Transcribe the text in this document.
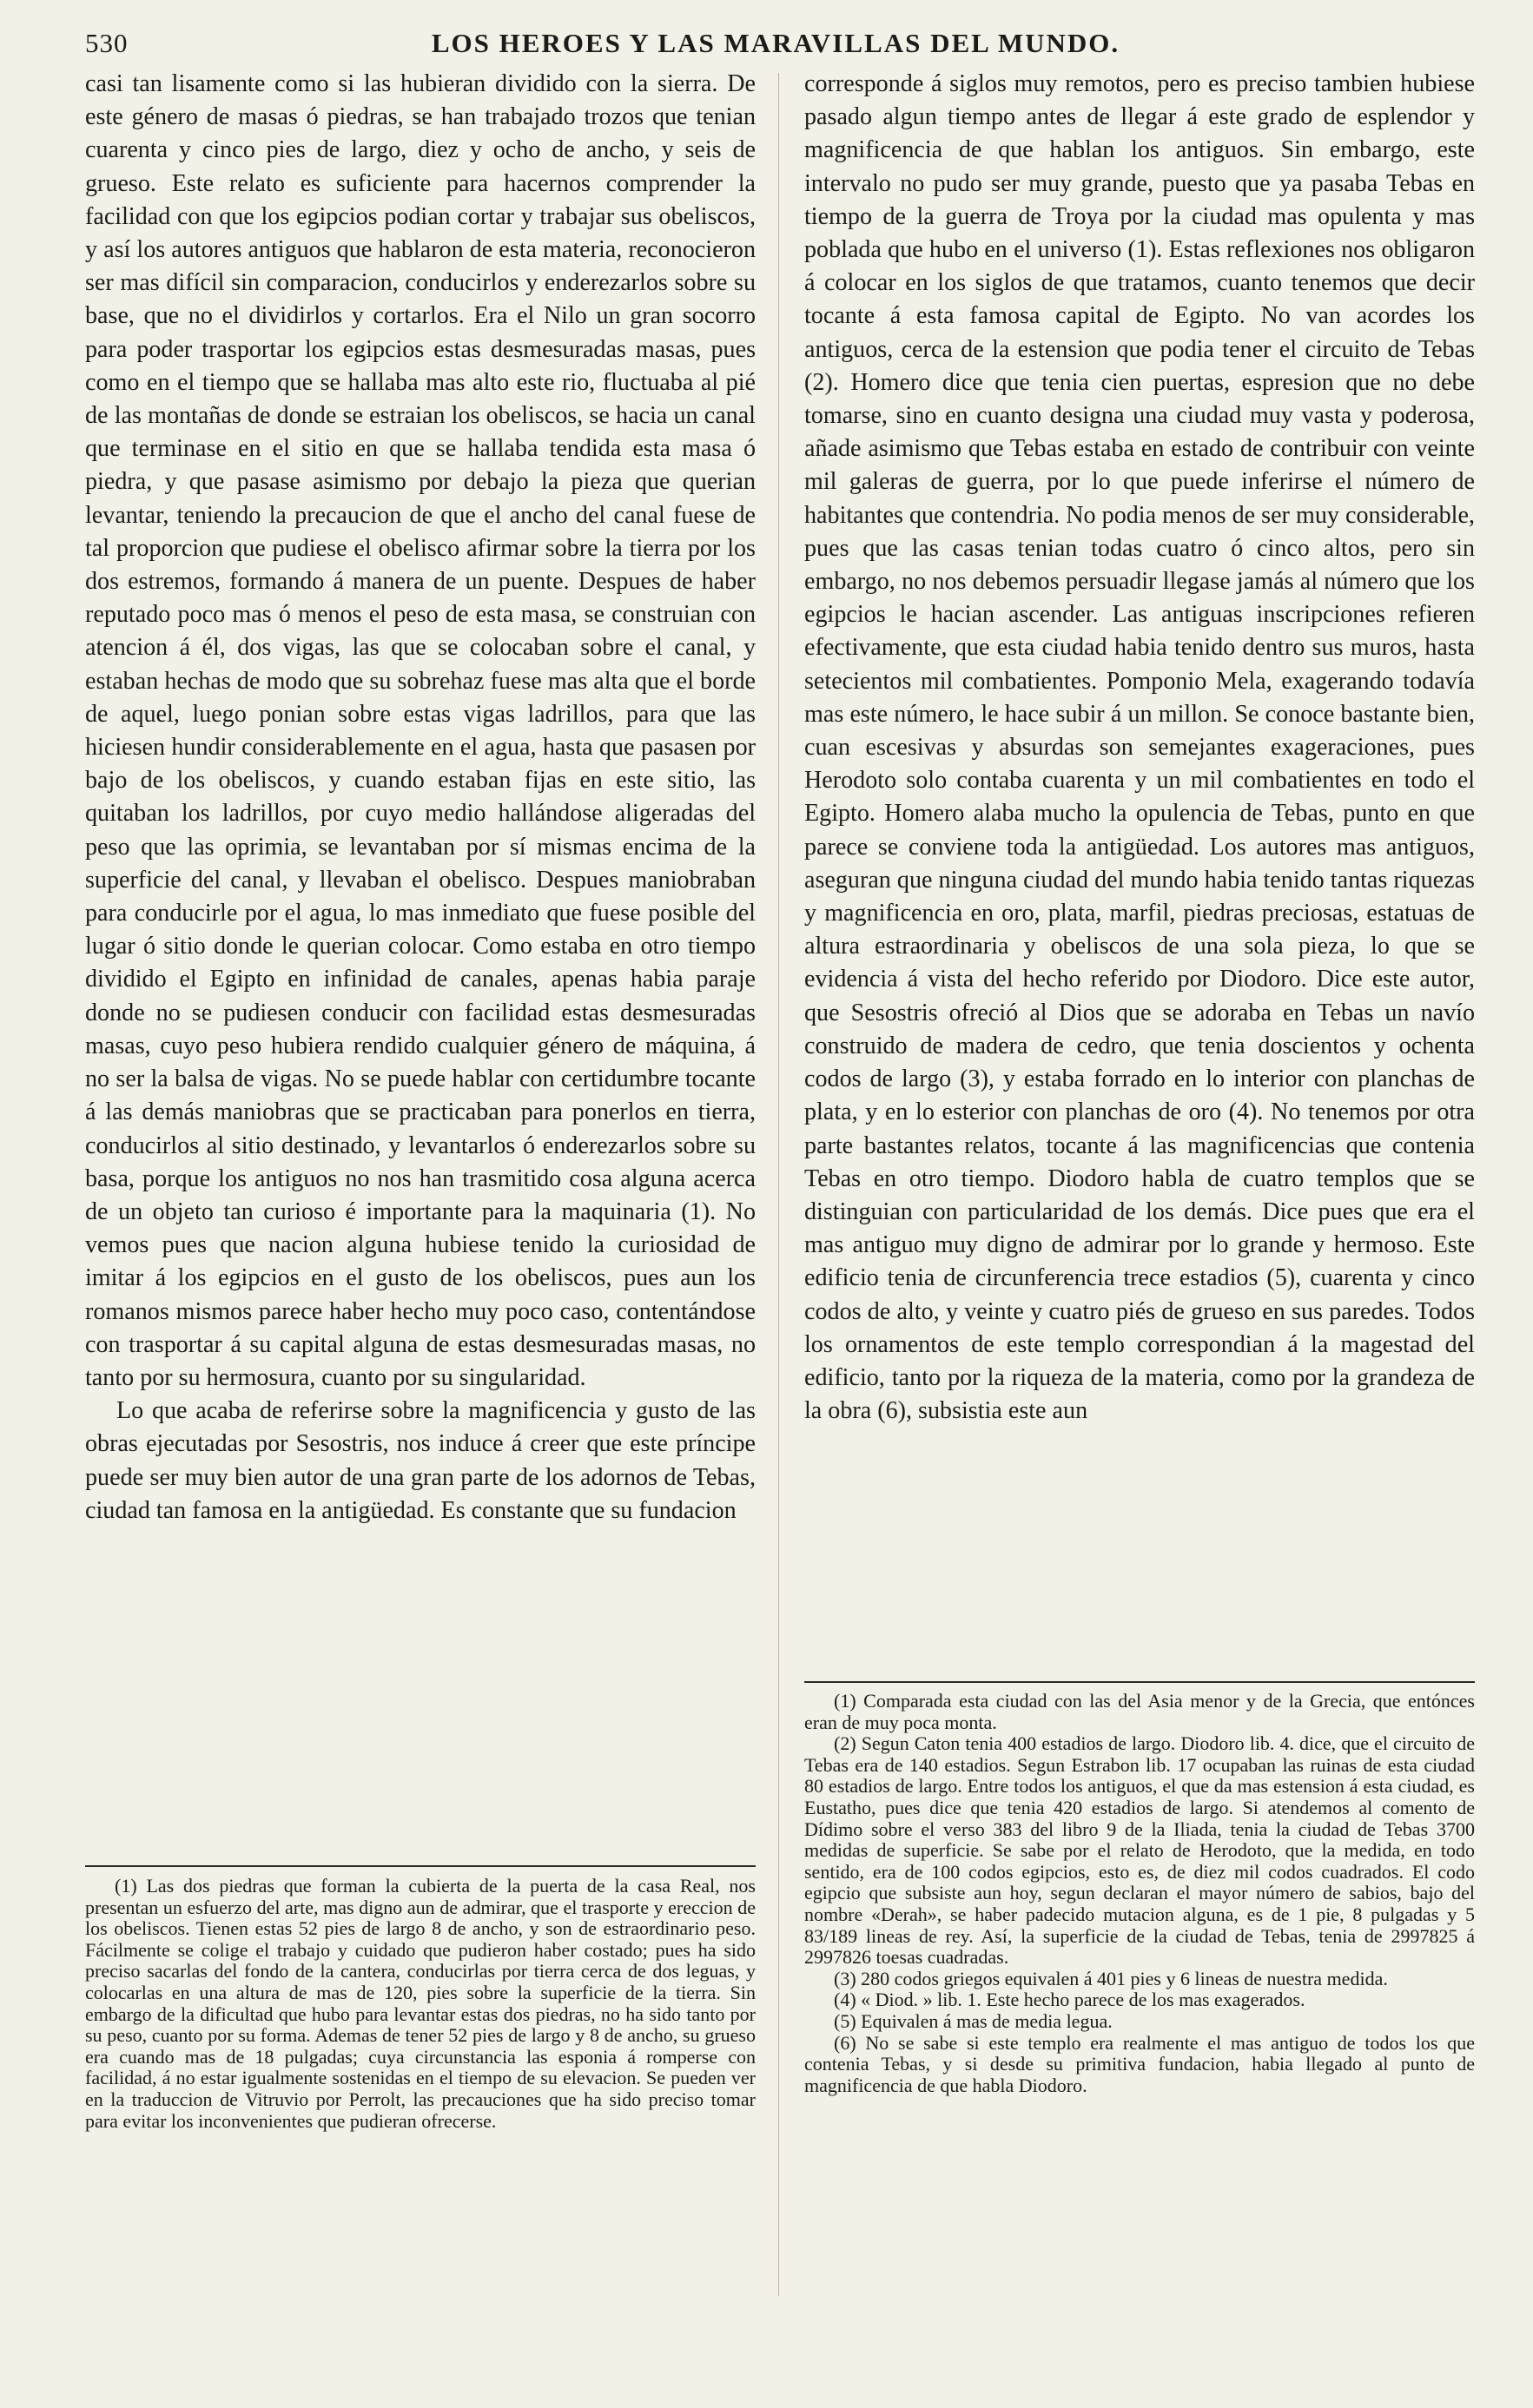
530	LOS HEROES Y LAS MARAVILLAS DEL MUNDO.

casi tan lisamente como si las hubieran dividido con la sierra. De este género de masas ó piedras, se han trabajado trozos que tenian cuarenta y cinco pies de largo, diez y ocho de ancho, y seis de grueso. Este relato es suficiente para hacernos comprender la facilidad con que los egipcios podian cortar y trabajar sus obeliscos, y así los autores antiguos que hablaron de esta materia, reconocieron ser mas difícil sin comparacion, conducirlos y enderezarlos sobre su base, que no el dividirlos y cortarlos. Era el Nilo un gran socorro para poder trasportar los egipcios estas desmesuradas masas, pues como en el tiempo que se hallaba mas alto este rio, fluctuaba al pié de las montañas de donde se estraian los obeliscos, se hacia un canal que terminase en el sitio en que se hallaba tendida esta masa ó piedra, y que pasase asimismo por debajo la pieza que querian levantar, teniendo la precaucion de que el ancho del canal fuese de tal proporcion que pudiese el obelisco afirmar sobre la tierra por los dos estremos, formando á manera de un puente. Despues de haber reputado poco mas ó menos el peso de esta masa, se construian con atencion á él, dos vigas, las que se colocaban sobre el canal, y estaban hechas de modo que su sobrehaz fuese mas alta que el borde de aquel, luego ponian sobre estas vigas ladrillos, para que las hiciesen hundir considerablemente en el agua, hasta que pasasen por bajo de los obeliscos, y cuando estaban fijas en este sitio, las quitaban los ladrillos, por cuyo medio hallándose aligeradas del peso que las oprimia, se levantaban por sí mismas encima de la superficie del canal, y llevaban el obelisco. Despues maniobraban para conducirle por el agua, lo mas inmediato que fuese posible del lugar ó sitio donde le querian colocar. Como estaba en otro tiempo dividido el Egipto en infinidad de canales, apenas habia paraje donde no se pudiesen conducir con facilidad estas desmesuradas masas, cuyo peso hubiera rendido cualquier género de máquina, á no ser la balsa de vigas. No se puede hablar con certidumbre tocante á las demás maniobras que se practicaban para ponerlos en tierra, conducirlos al sitio destinado, y levantarlos ó enderezarlos sobre su basa, porque los antiguos no nos han trasmitido cosa alguna acerca de un objeto tan curioso é importante para la maquinaria (1). No vemos pues que nacion alguna hubiese tenido la curiosidad de imitar á los egipcios en el gusto de los obeliscos, pues aun los romanos mismos parece haber hecho muy poco caso, contentándose con trasportar á su capital alguna de estas desmesuradas masas, no tanto por su hermosura, cuanto por su singularidad.

Lo que acaba de referirse sobre la magnificencia y gusto de las obras ejecutadas por Sesostris, nos induce á creer que este príncipe puede ser muy bien autor de una gran parte de los adornos de Tebas, ciudad tan famosa en la antigüedad. Es constante que su fundacion

corresponde á siglos muy remotos, pero es preciso tambien hubiese pasado algun tiempo antes de llegar á este grado de esplendor y magnificencia de que hablan los antiguos. Sin embargo, este intervalo no pudo ser muy grande, puesto que ya pasaba Tebas en tiempo de la guerra de Troya por la ciudad mas opulenta y mas poblada que hubo en el universo (1). Estas reflexiones nos obligaron á colocar en los siglos de que tratamos, cuanto tenemos que decir tocante á esta famosa capital de Egipto. No van acordes los antiguos, cerca de la estension que podia tener el circuito de Tebas (2). Homero dice que tenia cien puertas, espresion que no debe tomarse, sino en cuanto designa una ciudad muy vasta y poderosa, añade asimismo que Tebas estaba en estado de contribuir con veinte mil galeras de guerra, por lo que puede inferirse el número de habitantes que contendria. No podia menos de ser muy considerable, pues que las casas tenian todas cuatro ó cinco altos, pero sin embargo, no nos debemos persuadir llegase jamás al número que los egipcios le hacian ascender. Las antiguas inscripciones refieren efectivamente, que esta ciudad habia tenido dentro sus muros, hasta setecientos mil combatientes. Pomponio Mela, exagerando todavía mas este número, le hace subir á un millon. Se conoce bastante bien, cuan escesivas y absurdas son semejantes exageraciones, pues Herodoto solo contaba cuarenta y un mil combatientes en todo el Egipto. Homero alaba mucho la opulencia de Tebas, punto en que parece se conviene toda la antigüedad. Los autores mas antiguos, aseguran que ninguna ciudad del mundo habia tenido tantas riquezas y magnificencia en oro, plata, marfil, piedras preciosas, estatuas de altura estraordinaria y obeliscos de una sola pieza, lo que se evidencia á vista del hecho referido por Diodoro. Dice este autor, que Sesostris ofreció al Dios que se adoraba en Tebas un navío construido de madera de cedro, que tenia doscientos y ochenta codos de largo (3), y estaba forrado en lo interior con planchas de plata, y en lo esterior con planchas de oro (4). No tenemos por otra parte bastantes relatos, tocante á las magnificencias que contenia Tebas en otro tiempo. Diodoro habla de cuatro templos que se distinguian con particularidad de los demás. Dice pues que era el mas antiguo muy digno de admirar por lo grande y hermoso. Este edificio tenia de circunferencia trece estadios (5), cuarenta y cinco codos de alto, y veinte y cuatro piés de grueso en sus paredes. Todos los ornamentos de este templo correspondian á la magestad del edificio, tanto por la riqueza de la materia, como por la grandeza de la obra (6), subsistia este aun

(1) Las dos piedras que forman la cubierta de la puerta de la casa Real, nos presentan un esfuerzo del arte, mas digno aun de admirar, que el trasporte y ereccion de los obeliscos. Tienen estas 52 pies de largo 8 de ancho, y son de estraordinario peso. Fácilmente se colige el trabajo y cuidado que pudieron haber costado; pues ha sido preciso sacarlas del fondo de la cantera, conducirlas por tierra cerca de dos leguas, y colocarlas en una altura de mas de 120, pies sobre la superficie de la tierra. Sin embargo de la dificultad que hubo para levantar estas dos piedras, no ha sido tanto por su peso, cuanto por su forma. Ademas de tener 52 pies de largo y 8 de ancho, su grueso era cuando mas de 18 pulgadas; cuya circunstancia las esponia á romperse con facilidad, á no estar igualmente sostenidas en el tiempo de su elevacion. Se pueden ver en la traduccion de Vitruvio por Perrolt, las precauciones que ha sido preciso tomar para evitar los inconvenientes que pudieran ofrecerse.

(1) Comparada esta ciudad con las del Asia menor y de la Grecia, que entónces eran de muy poca monta.

(2) Segun Caton tenia 400 estadios de largo. Diodoro lib. 4. dice, que el circuito de Tebas era de 140 estadios. Segun Estrabon lib. 17 ocupaban las ruinas de esta ciudad 80 estadios de largo. Entre todos los antiguos, el que da mas estension á esta ciudad, es Eustatho, pues dice que tenia 420 estadios de largo. Si atendemos al comento de Dídimo sobre el verso 383 del libro 9 de la Iliada, tenia la ciudad de Tebas 3700 medidas de superficie. Se sabe por el relato de Herodoto, que la medida, en todo sentido, era de 100 codos egipcios, esto es, de diez mil codos cuadrados. El codo egipcio que subsiste aun hoy, segun declaran el mayor número de sabios, bajo del nombre «Derah», se haber padecido mutacion alguna, es de 1 pie, 8 pulgadas y 5 83/189 lineas de rey. Así, la superficie de la ciudad de Tebas, tenia de 2997825 á 2997826 toesas cuadradas.

(3) 280 codos griegos equivalen á 401 pies y 6 lineas de nuestra medida.

(4) « Diod. » lib. 1. Este hecho parece de los mas exagerados.

(5) Equivalen á mas de media legua.

(6) No se sabe si este templo era realmente el mas antiguo de todos los que contenia Tebas, y si desde su primitiva fundacion, habia llegado al punto de magnificencia de que habla Diodoro.
